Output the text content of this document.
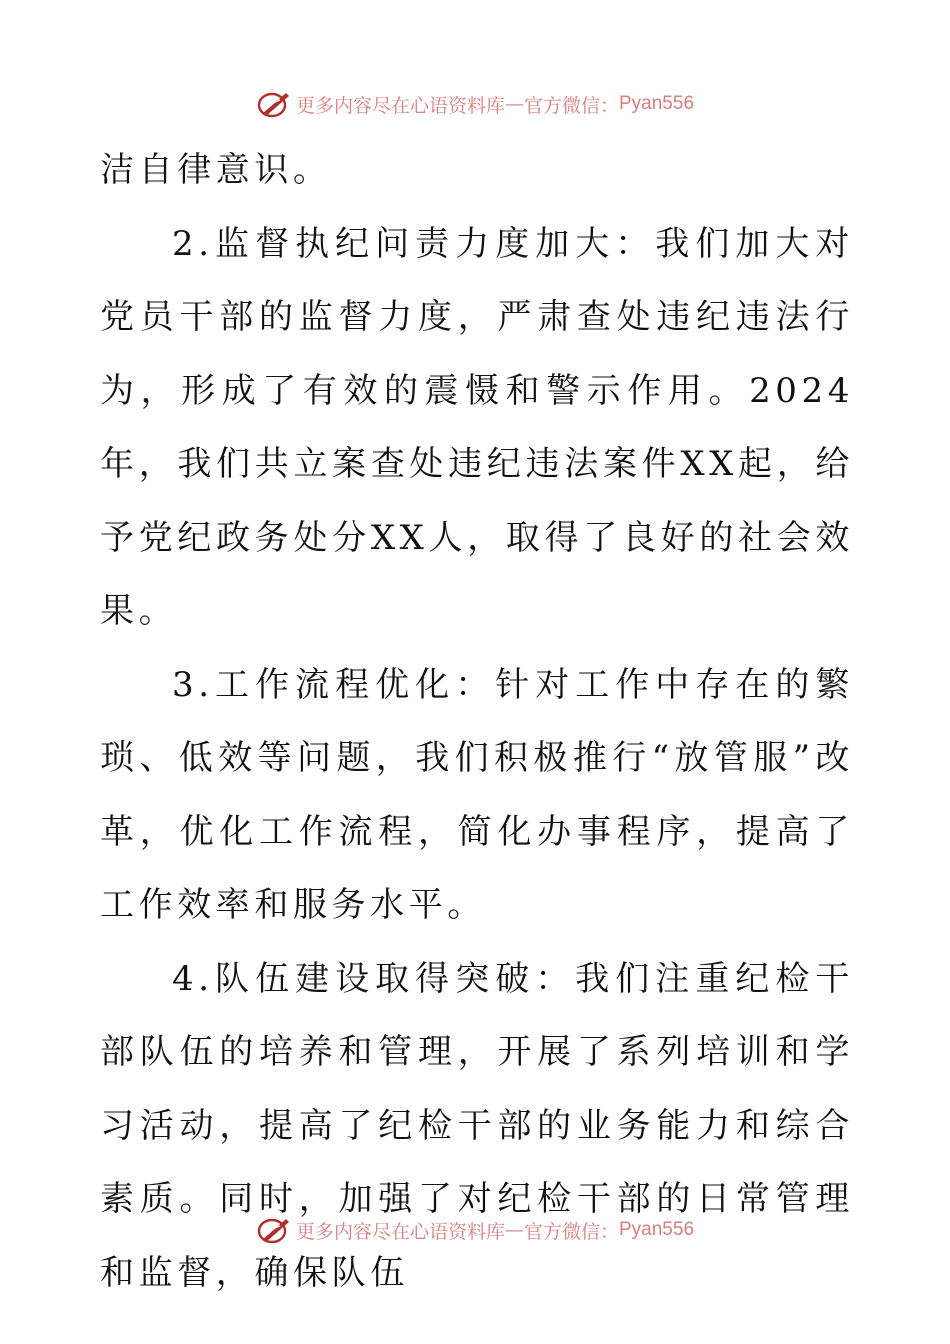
更多内容尽在心语资料库 — 官方微信： Pyan556

洁自律意识。

2.监督执纪问责力度加大：我们加大对党员干部的监督力度，严肃查处违纪违法行为，形成了有效的震慑和警示作用。2024年，我们共立案查处违纪违法案件XX起，给予党纪政务处分XX人，取得了良好的社会效果。

3.工作流程优化：针对工作中存在的繁琐、低效等问题，我们积极推行“放管服”改革，优化工作流程，简化办事程序，提高了工作效率和服务水平。

4.队伍建设取得突破：我们注重纪检干部队伍的培养和管理，开展了系列培训和学习活动，提高了纪检干部的业务能力和综合素质。同时，加强了对纪检干部的日常管理和监督，确保队伍

更多内容尽在心语资料库 — 官方微信： Pyan556
